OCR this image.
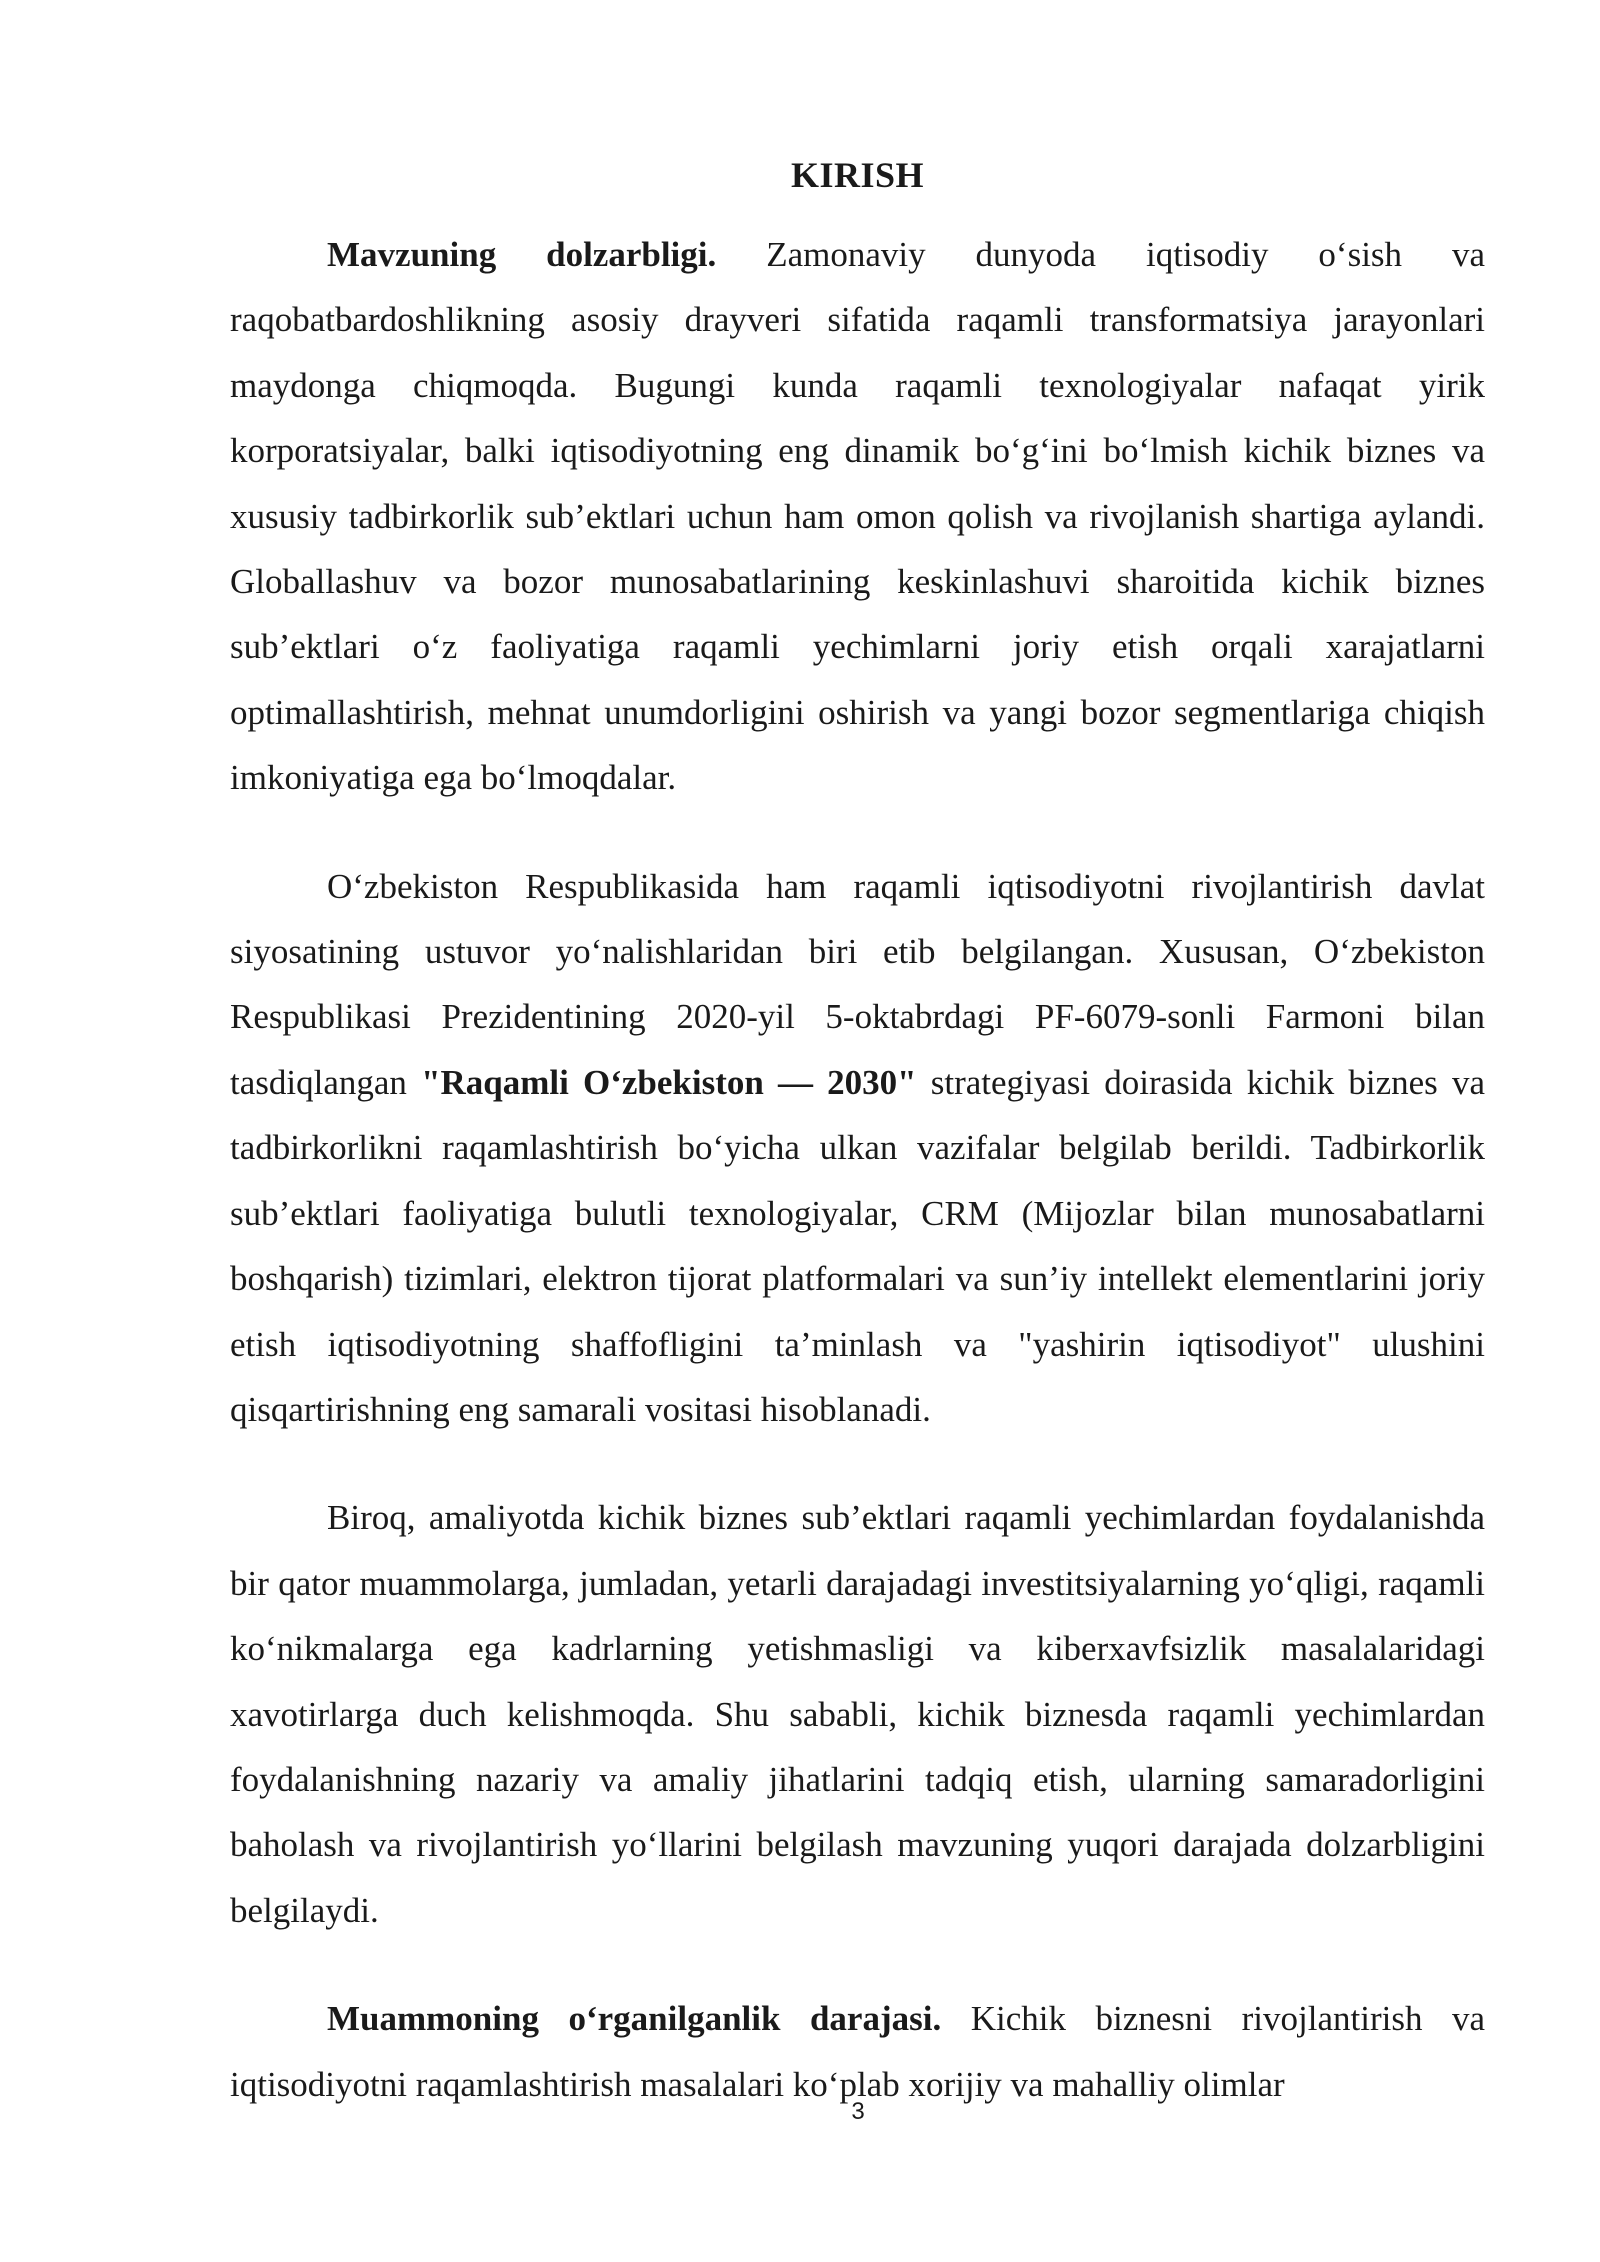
KIRISH

Mavzuning dolzarbligi. Zamonaviy dunyoda iqtisodiy o‘sish va raqobatbardoshlikning asosiy drayveri sifatida raqamli transformatsiya jarayonlari maydonga chiqmoqda. Bugungi kunda raqamli texnologiyalar nafaqat yirik korporatsiyalar, balki iqtisodiyotning eng dinamik bo‘g‘ini bo‘lmish kichik biznes va xususiy tadbirkorlik sub’ektlari uchun ham omon qolish va rivojlanish shartiga aylandi. Globallashuv va bozor munosabatlarining keskinlashuvi sharoitida kichik biznes sub’ektlari o‘z faoliyatiga raqamli yechimlarni joriy etish orqali xarajatlarni optimallashtirish, mehnat unumdorligini oshirish va yangi bozor segmentlariga chiqish imkoniyatiga ega bo‘lmoqdalar.

O‘zbekiston Respublikasida ham raqamli iqtisodiyotni rivojlantirish davlat siyosatining ustuvor yo‘nalishlaridan biri etib belgilangan. Xususan, O‘zbekiston Respublikasi Prezidentining 2020-yil 5-oktabrdagi PF-6079-sonli Farmoni bilan tasdiqlangan "Raqamli O‘zbekiston — 2030" strategiyasi doirasida kichik biznes va tadbirkorlikni raqamlashtirish bo‘yicha ulkan vazifalar belgilab berildi. Tadbirkorlik sub’ektlari faoliyatiga bulutli texnologiyalar, CRM (Mijozlar bilan munosabatlarni boshqarish) tizimlari, elektron tijorat platformalari va sun’iy intellekt elementlarini joriy etish iqtisodiyotning shaffofligini ta’minlash va "yashirin iqtisodiyot" ulushini qisqartirishning eng samarali vositasi hisoblanadi.

Biroq, amaliyotda kichik biznes sub’ektlari raqamli yechimlardan foydalanishda bir qator muammolarga, jumladan, yetarli darajadagi investitsiyalarning yo‘qligi, raqamli ko‘nikmalarga ega kadrlarning yetishmasligi va kiberxavfsizlik masalalaridagi xavotirlarga duch kelishmoqda. Shu sababli, kichik biznesda raqamli yechimlardan foydalanishning nazariy va amaliy jihatlarini tadqiq etish, ularning samaradorligini baholash va rivojlantirish yo‘llarini belgilash mavzuning yuqori darajada dolzarbligini belgilaydi.

Muammoning o‘rganilganlik darajasi. Kichik biznesni rivojlantirish va iqtisodiyotni raqamlashtirish masalalari ko‘plab xorijiy va mahalliy olimlar

3
